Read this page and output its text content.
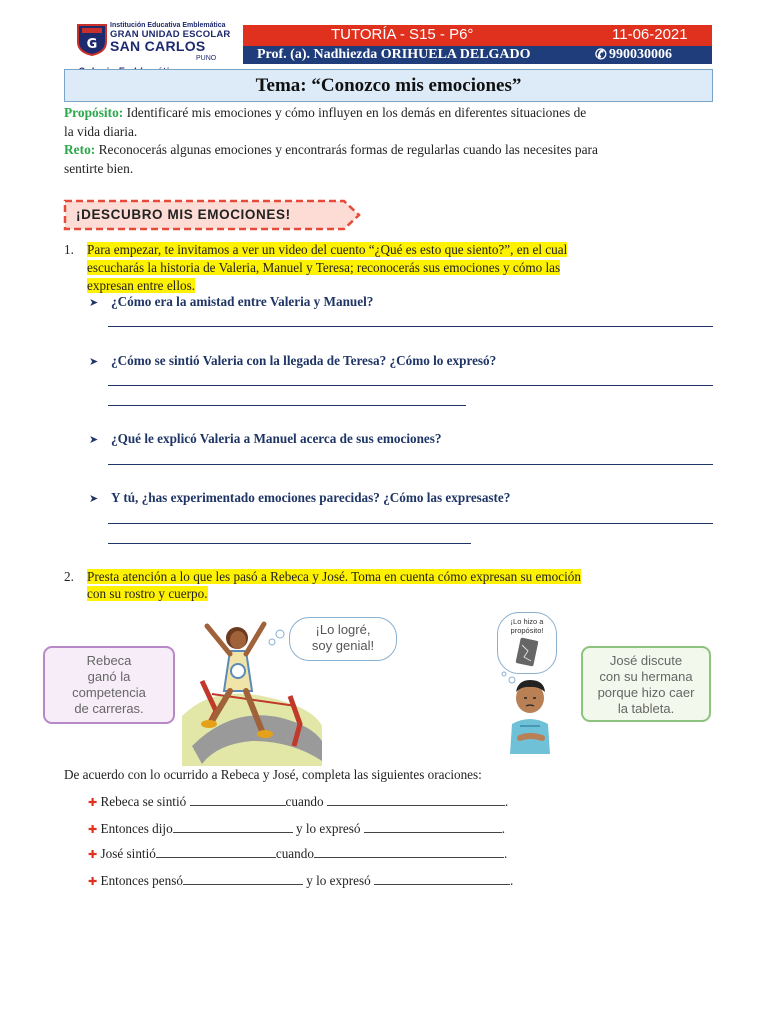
G
Institución Educativa Emblemática
GRAN UNIDAD ESCOLAR
SAN CARLOS
PUNO
TUTORÍA - S15 - P6°	11-06-2021
Prof. (a). Nadhiezda ORIHUELA DELGADO	✆ 990030006
Tema: “Conozco mis emociones”
Propósito: Identificaré mis emociones y cómo influyen en los demás en diferentes situaciones de
la vida diaria.
Reto: Reconocerás algunas emociones y encontrarás formas de regularlas cuando las necesites para
sentirte bien.
¡DESCUBRO MIS EMOCIONES!
1. Para empezar, te invitamos a ver un video del cuento “¿Qué es esto que siento?”, en el cual
escucharás la historia de Valeria, Manuel y Teresa; reconocerás sus emociones y cómo las
expresan entre ellos.
➤ ¿Cómo era la amistad entre Valeria y Manuel?
➤ ¿Cómo se sintió Valeria con la llegada de Teresa? ¿Cómo lo expresó?
➤ ¿Qué le explicó Valeria a Manuel acerca de sus emociones?
➤ Y tú, ¿has experimentado emociones parecidas? ¿Cómo las expresaste?
2. Presta atención a lo que les pasó a Rebeca y José. Toma en cuenta cómo expresan su emoción
con su rostro y cuerpo.
Rebeca
ganó la
competencia
de carreras.
¡Lo logré,
soy genial!
¡Lo hizo a
propósito!
José discute
con su hermana
porque hizo caer
la tableta.
De acuerdo con lo ocurrido a Rebeca y José, completa las siguientes oraciones:
✚ Rebeca se sintió	cuando	.
✚ Entonces dijo	y lo expresó	.
✚ José sintió	cuando	.
✚ Entonces pensó	y lo expresó	.
